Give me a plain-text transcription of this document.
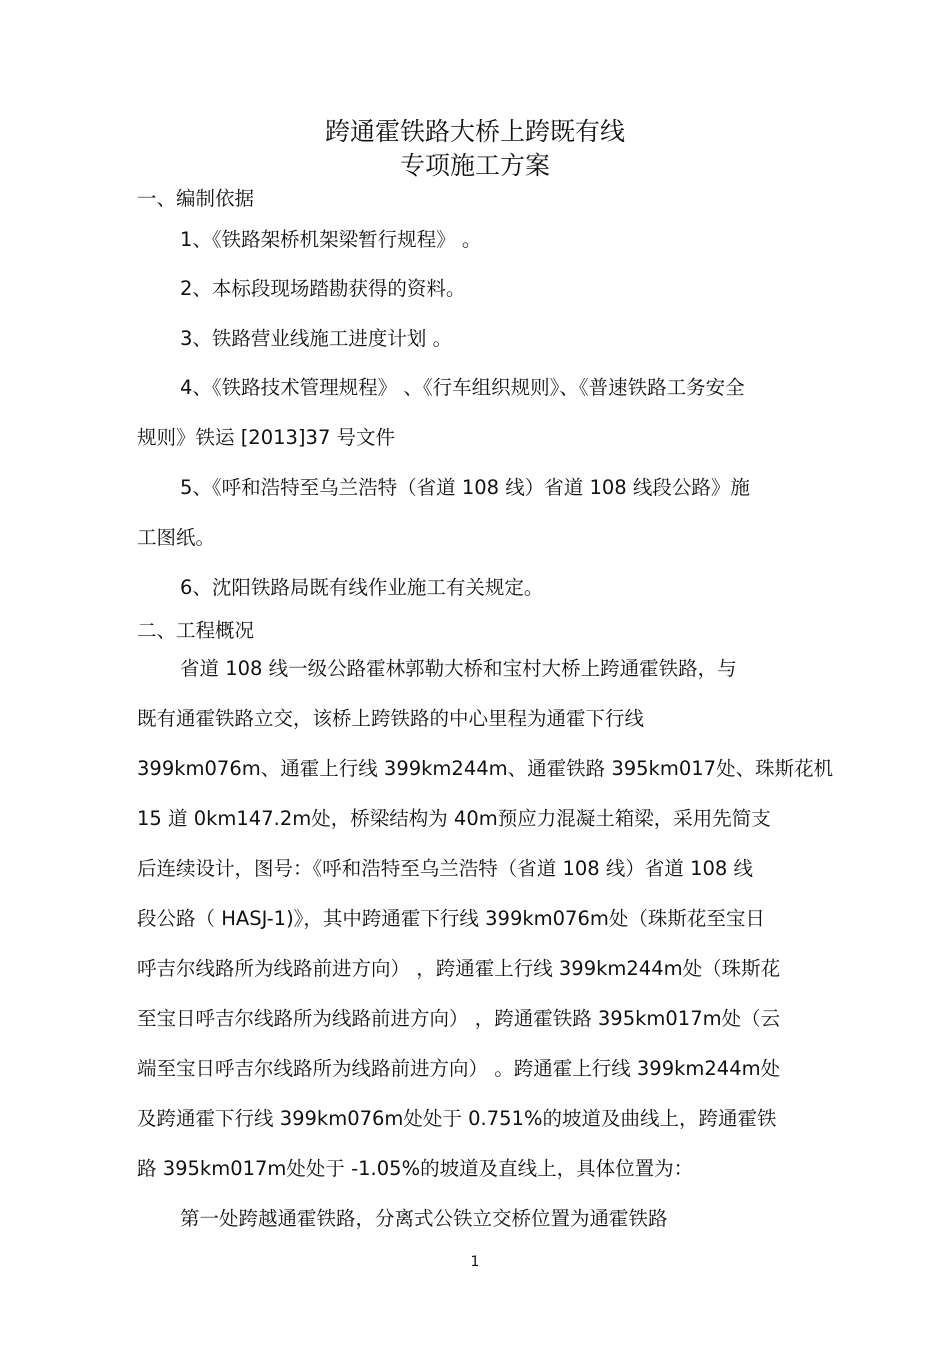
跨通霍铁路大桥上跨既有线
专项施工方案
一、编制依据
1、《铁路架桥机架梁暂行规程》 。
2、本标段现场踏勘获得的资料。
3、铁路营业线施工进度计划 。
4、《铁路技术管理规程》 、《行车组织规则》、《普速铁路工务安全
规则》铁运 [2013]37 号文件
5、《呼和浩特至乌兰浩特（省道 108 线）省道 108 线段公路》施
工图纸。
6、沈阳铁路局既有线作业施工有关规定。
二、工程概况
省道 108 线一级公路霍林郭勒大桥和宝村大桥上跨通霍铁路，与
既有通霍铁路立交，该桥上跨铁路的中心里程为通霍下行线
399km076m、通霍上行线 399km244m、通霍铁路 395km017处、珠斯花机
15 道 0km147.2m处，桥梁结构为 40m预应力混凝土箱梁，采用先简支
后连续设计，图号：《呼和浩特至乌兰浩特（省道 108 线）省道 108 线
段公路（ HASJ-1)》，其中跨通霍下行线 399km076m处（珠斯花至宝日
呼吉尔线路所为线路前进方向） ，跨通霍上行线 399km244m处（珠斯花
至宝日呼吉尔线路所为线路前进方向） ，跨通霍铁路 395km017m处（云
端至宝日呼吉尔线路所为线路前进方向） 。跨通霍上行线 399km244m处
及跨通霍下行线 399km076m处处于 0.751%的坡道及曲线上，跨通霍铁
路 395km017m处处于 -1.05%的坡道及直线上，具体位置为：
第一处跨越通霍铁路，分离式公铁立交桥位置为通霍铁路
1
